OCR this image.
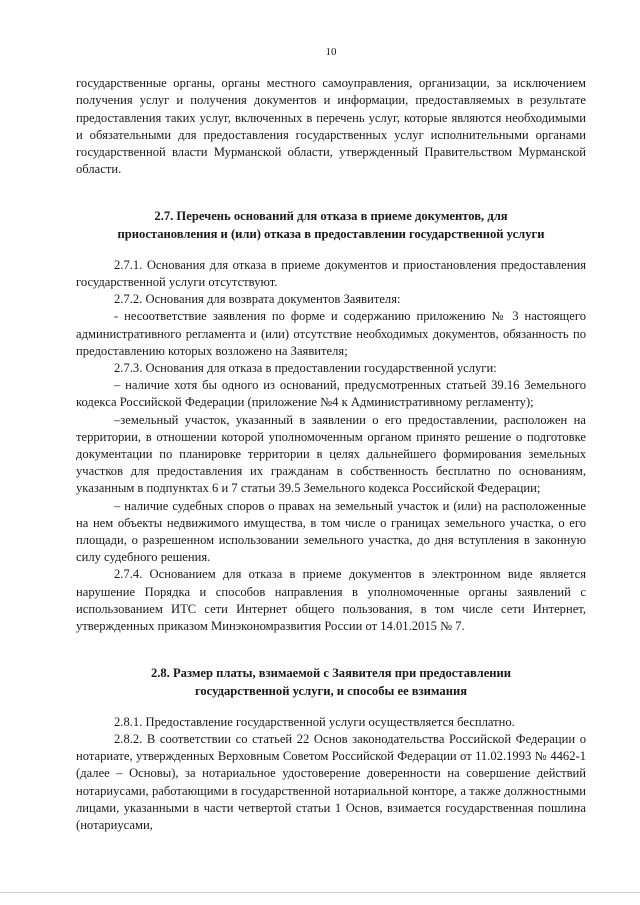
10

государственные органы, органы местного самоуправления, организации, за исключением получения услуг и получения документов и информации, предоставляемых в результате предоставления таких услуг, включенных в перечень услуг, которые являются необходимыми и обязательными для предоставления государственных услуг исполнительными органами государственной власти Мурманской области, утвержденный Правительством Мурманской области.

2.7. Перечень оснований для отказа в приеме документов, для
приостановления и (или) отказа в предоставлении государственной услуги

2.7.1. Основания для отказа в приеме документов и приостановления предоставления государственной услуги отсутствуют.

2.7.2. Основания для возврата документов Заявителя:

- несоответствие заявления по форме и содержанию приложению № 3 настоящего административного регламента и (или) отсутствие необходимых документов, обязанность по предоставлению которых возложено на Заявителя;

2.7.3. Основания для отказа в предоставлении государственной услуги:

– наличие хотя бы одного из оснований, предусмотренных статьей 39.16 Земельного кодекса Российской Федерации (приложение №4 к Административному регламенту);

–земельный участок, указанный в заявлении о его предоставлении, расположен на территории, в отношении которой уполномоченным органом принято решение о подготовке документации по планировке территории в целях дальнейшего формирования земельных участков для предоставления их гражданам в собственность бесплатно по основаниям, указанным в подпунктах 6 и 7 статьи 39.5 Земельного кодекса Российской Федерации;

– наличие судебных споров о правах на земельный участок и (или) на расположенные на нем объекты недвижимого имущества, в том числе о границах земельного участка, о его площади, о разрешенном использовании земельного участка, до дня вступления в законную силу судебного решения.

2.7.4. Основанием для отказа в приеме документов в электронном виде является нарушение Порядка и способов направления в уполномоченные органы заявлений с использованием ИТС сети Интернет общего пользования, в том числе сети Интернет, утвержденных приказом Минэкономразвития России от 14.01.2015 № 7.

2.8. Размер платы, взимаемой с Заявителя при предоставлении
государственной услуги, и способы ее взимания

2.8.1. Предоставление государственной услуги осуществляется бесплатно.

2.8.2. В соответствии со статьей 22 Основ законодательства Российской Федерации о нотариате, утвержденных Верховным Советом Российской Федерации от 11.02.1993 № 4462-1 (далее – Основы), за нотариальное удостоверение доверенности на совершение действий нотариусами, работающими в государственной нотариальной конторе, а также должностными лицами, указанными в части четвертой статьи 1 Основ, взимается государственная пошлина (нотариусами,
